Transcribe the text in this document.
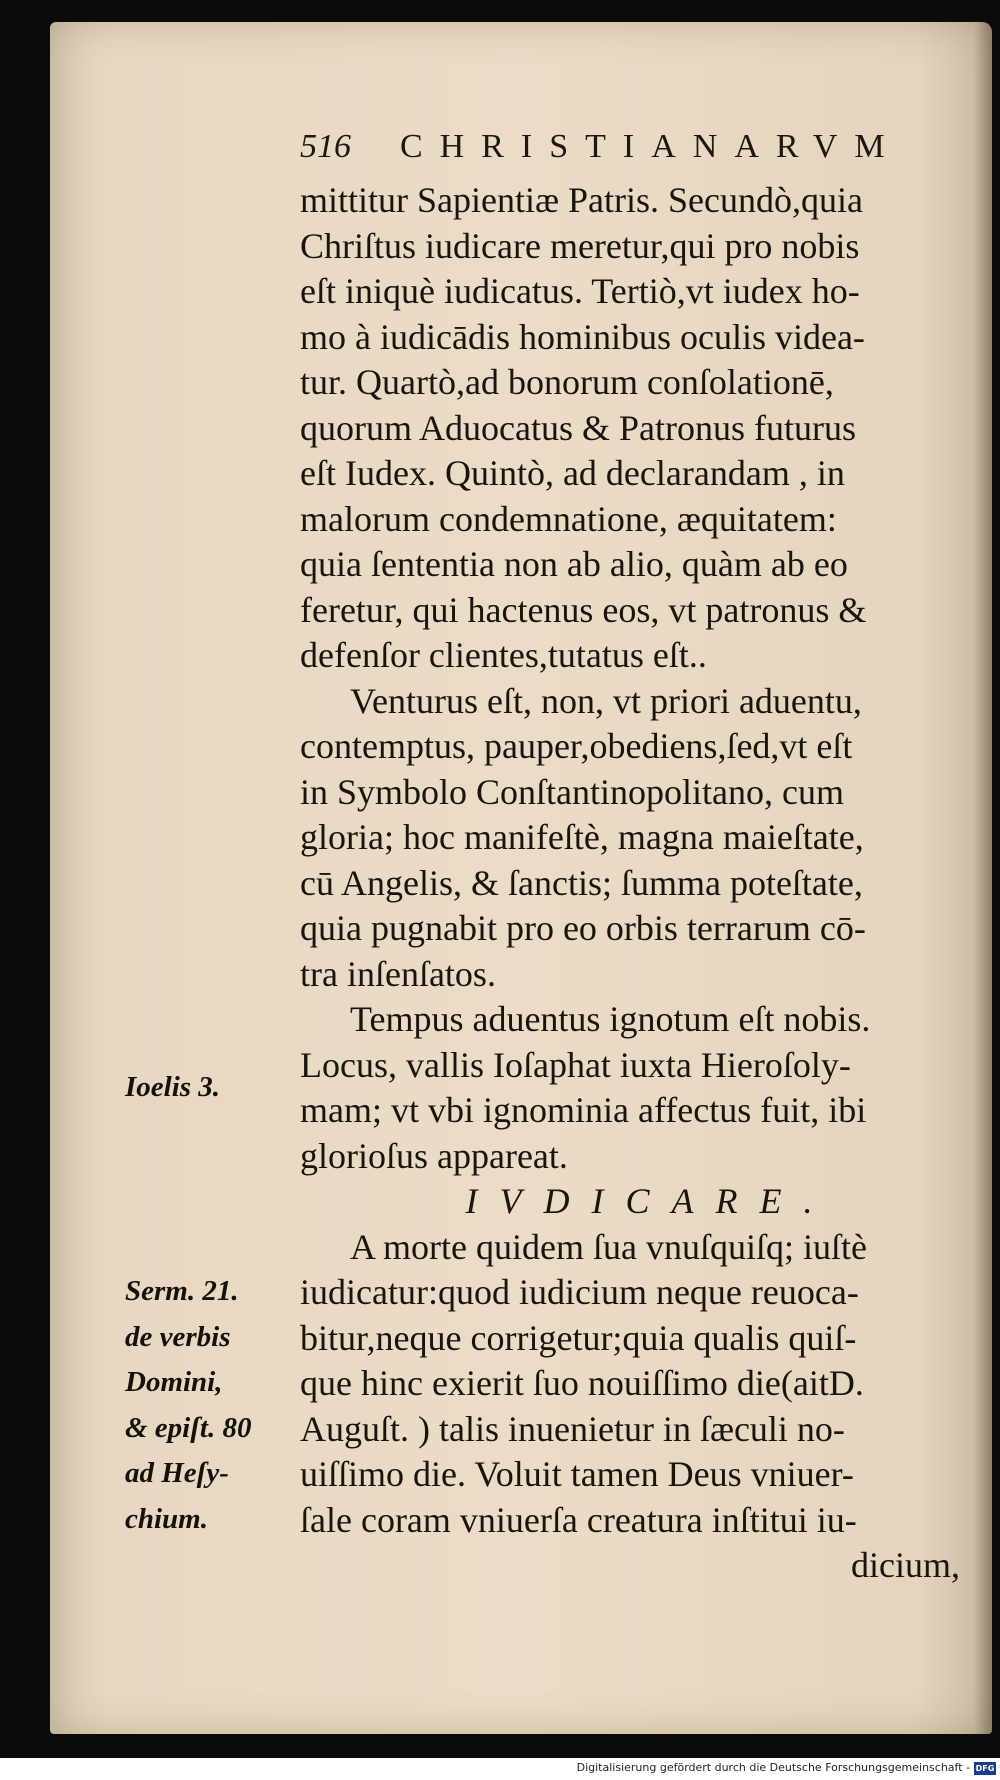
516 CHRISTIANARVM
mittitur Sapientiæ Patris. Secundò,quia
Chriſtus iudicare meretur,qui pro nobis
eſt iniquè iudicatus. Tertiò,vt iudex ho-
mo à iudicādis hominibus oculis videa-
tur. Quartò,ad bonorum conſolationē,
quorum Aduocatus & Patronus futurus
eſt Iudex. Quintò, ad declarandam , in
malorum condemnatione, æquitatem:
quia ſententia non ab alio, quàm ab eo
feretur, qui hactenus eos, vt patronus &
defenſor clientes,tutatus eſt..
Venturus eſt, non, vt priori aduentu,
contemptus, pauper,obediens,ſed,vt eſt
in Symbolo Conſtantinopolitano, cum
gloria; hoc manifeſtè, magna maieſtate,
cū Angelis, & ſanctis; ſumma poteſtate,
quia pugnabit pro eo orbis terrarum cō-
tra inſenſatos.
Tempus aduentus ignotum eſt nobis.
Locus, vallis Ioſaphat iuxta Hieroſoly-
mam; vt vbi ignominia affectus fuit, ibi
glorioſus appareat.
IVDICARE.
A morte quidem ſua vnuſquiſq; iuſtè
iudicatur:quod iudicium neque reuoca-
bitur,neque corrigetur;quia qualis quiſ-
que hinc exierit ſuo nouiſſimo die(aitD.
Auguſt. ) talis inuenietur in ſæculi no-
uiſſimo die. Voluit tamen Deus vniuer-
ſale coram vniuerſa creatura inſtitui iu-
dicium,
Ioelis 3.
Serm. 21.
de verbis
Domini,
& epiſt. 80
ad Heſy-
chium.
Digitalisierung gefördert durch die Deutsche Forschungsgemeinschaft - DFG
